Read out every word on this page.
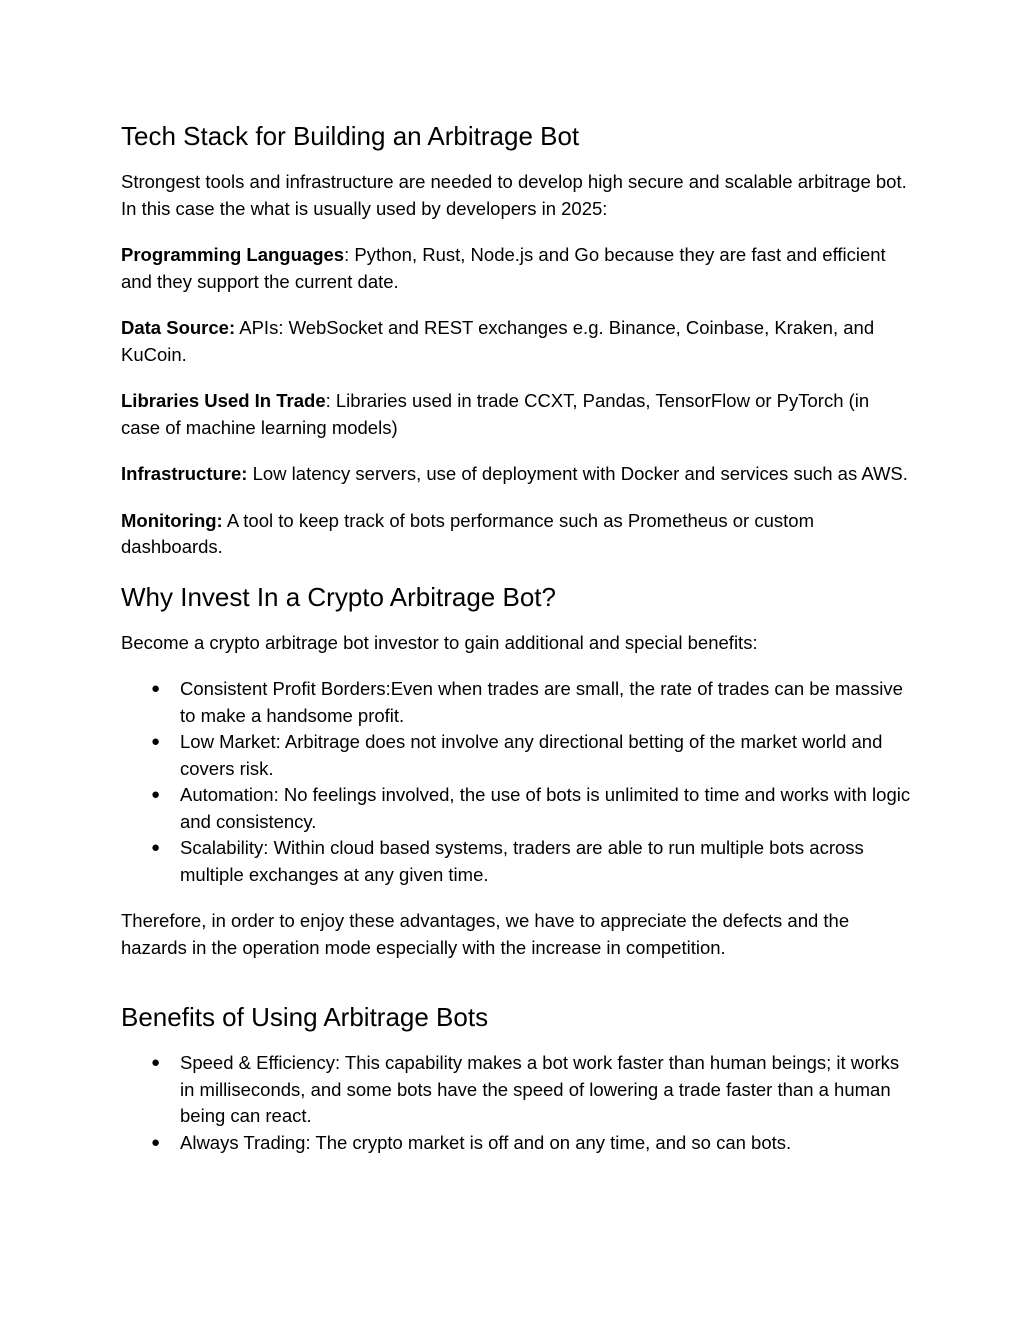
Tech Stack for Building an Arbitrage Bot

Strongest tools and infrastructure are needed to develop high secure and scalable arbitrage bot. In this case the what is usually used by developers in 2025:

Programming Languages: Python, Rust, Node.js and Go because they are fast and efficient and they support the current date.

Data Source: APIs: WebSocket and REST exchanges e.g. Binance, Coinbase, Kraken, and KuCoin.

Libraries Used In Trade: Libraries used in trade CCXT, Pandas, TensorFlow or PyTorch (in case of machine learning models)

Infrastructure: Low latency servers, use of deployment with Docker and services such as AWS.

Monitoring: A tool to keep track of bots performance such as Prometheus or custom dashboards.

Why Invest In a Crypto Arbitrage Bot?

Become a crypto arbitrage bot investor to gain additional and special benefits:

● Consistent Profit Borders:Even when trades are small, the rate of trades can be massive to make a handsome profit.
● Low Market: Arbitrage does not involve any directional betting of the market world and covers risk.
● Automation: No feelings involved, the use of bots is unlimited to time and works with logic and consistency.
● Scalability: Within cloud based systems, traders are able to run multiple bots across multiple exchanges at any given time.

Therefore, in order to enjoy these advantages, we have to appreciate the defects and the hazards in the operation mode especially with the increase in competition.

Benefits of Using Arbitrage Bots
● Speed & Efficiency: This capability makes a bot work faster than human beings; it works in milliseconds, and some bots have the speed of lowering a trade faster than a human being can react.
● Always Trading: The crypto market is off and on any time, and so can bots.
